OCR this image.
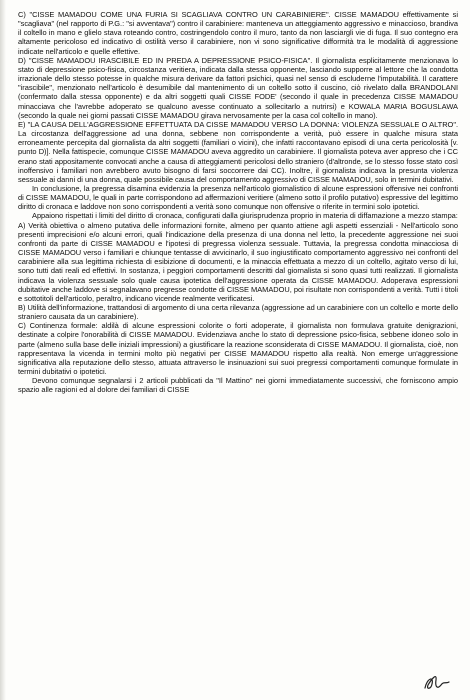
C) "CISSE MAMADOU COME UNA FURIA SI SCAGLIAVA CONTRO UN CARABINIERE". CISSE MAMADOU effettivamente si "scagliava" (nel rapporto di P.G.: "si avventava") contro il carabiniere: manteneva un atteggiamento aggressivo e minaccioso, brandiva il coltello in mano e glielo stava roteando contro, costringendolo contro il muro, tanto da non lasciargli vie di fuga. Il suo contegno era altamente pericoloso ed indicativo di ostilità verso il carabiniere, non vi sono significative difformità tra le modalità di aggressione indicate nell'articolo e quelle effettive.

D) "CISSE MAMADOU IRASCIBILE ED IN PREDA A DEPRESSIONE PSICO-FISICA". Il giornalista esplicitamente menzionava lo stato di depressione psico-fisica, circostanza veritiera, indicata dalla stessa opponente, lasciando supporre al lettore che la condotta irrazionale dello stesso potesse in qualche misura derivare da fattori psichici, quasi nel senso di escluderne l'imputabilità. Il carattere "irascibile", menzionato nell'articolo è desumibile dal mantenimento di un coltello sotto il cuscino, ciò rivelato dalla BRANDOLANI (confermato dalla stessa opponente) e da altri soggetti quali CISSE FODE' (secondo il quale in precedenza CISSE MAMADOU minacciava che l'avrebbe adoperato se qualcuno avesse continuato a sollecitarlo a nutrirsi) e KOWALA MARIA BOGUSLAWA (secondo la quale nei giorni passati CISSE MAMADOU girava nervosamente per la casa col coltello in mano).

E) "LA CAUSA DELL'AGGRESSIONE EFFETTUATA DA CISSE MAMADOU VERSO LA DONNA: VIOLENZA SESSUALE O ALTRO". La circostanza dell'aggressione ad una donna, sebbene non corrispondente a verità, può essere in qualche misura stata erroneamente percepita dal giornalista da altri soggetti (familiari o vicini), che infatti raccontavano episodi di una certa pericolosità [v. punto D)]. Nella fattispecie, comunque CISSE MAMADOU aveva aggredito un carabiniere. Il giornalista poteva aver appreso che i CC erano stati appositamente convocati anche a causa di atteggiamenti pericolosi dello straniero (d'altronde, se lo stesso fosse stato così inoffensivo i familiari non avrebbero avuto bisogno di farsi soccorrere dai CC). Inoltre, il giornalista indicava la presunta violenza sessuale ai danni di una donna, quale possibile causa del comportamento aggressivo di CISSE MAMADOU, solo in termini dubitativi.

In conclusione, la pregressa disamina evidenzia la presenza nell'articolo giornalistico di alcune espressioni offensive nei confronti di CISSE MAMADOU, le quali in parte corrispondono ad affermazioni veritiere (almeno sotto il profilo putativo) espressive del legittimo diritto di cronaca e laddove non sono corrispondenti a verità sono comunque non offensive o riferite in termini solo ipotetici.

Appaiono rispettati i limiti del diritto di cronaca, configurati dalla giurisprudenza proprio in materia di diffamazione a mezzo stampa:

A) Verità obiettiva o almeno putativa delle informazioni fornite, almeno per quanto attiene agli aspetti essenziali - Nell'articolo sono presenti imprecisioni e/o alcuni errori, quali l'indicazione della presenza di una donna nel letto, la precedente aggressione nei suoi confronti da parte di CISSE MAMADOU e l'ipotesi di pregressa violenza sessuale. Tuttavia, la pregressa condotta minacciosa di CISSE MAMADOU verso i familiari e chiunque tentasse di avvicinarlo, il suo ingiustificato comportamento aggressivo nei confronti del carabiniere alla sua legittima richiesta di esibizione di documenti, e la minaccia effettuata a mezzo di un coltello, agitato verso di lui, sono tutti dati reali ed effettivi. In sostanza, i peggiori comportamenti descritti dal giornalista si sono quasi tutti realizzati. Il giornalista indicava la violenza sessuale solo quale causa ipotetica dell'aggressione operata da CISSE MAMADOU. Adoperava espressioni dubitative anche laddove si segnalavano pregresse condotte di CISSE MAMADOU, poi risultate non corrispondenti a verità. Tutti i titoli e sottotitoli dell'articolo, peraltro, indicano vicende realmente verificatesi.

B) Utilità dell'informazione, trattandosi di argomento di una certa rilevanza (aggressione ad un carabiniere con un coltello e morte dello straniero causata da un carabiniere).

C) Continenza formale: aldilà di alcune espressioni colorite o forti adoperate, il giornalista non formulava gratuite denigrazioni, destinate a colpire l'onorabilità di CISSE MAMADOU. Evidenziava anche lo stato di depressione psico-fisica, sebbene idoneo solo in parte (almeno sulla base delle iniziali impressioni) a giustificare la reazione sconsiderata di CISSE MAMADOU. Il giornalista, cioè, non rappresentava la vicenda in termini molto più negativi per CISSE MAMADOU rispetto alla realtà. Non emerge un'aggressione significativa alla reputazione dello stesso, attuata attraverso le insinuazioni sui suoi pregressi comportamenti comunque formulate in termini dubitativi o ipotetici.

Devono comunque segnalarsi i 2 articoli pubblicati da "Il Mattino" nei giorni immediatamente successivi, che forniscono ampio spazio alle ragioni ed al dolore dei familiari di CISSE
